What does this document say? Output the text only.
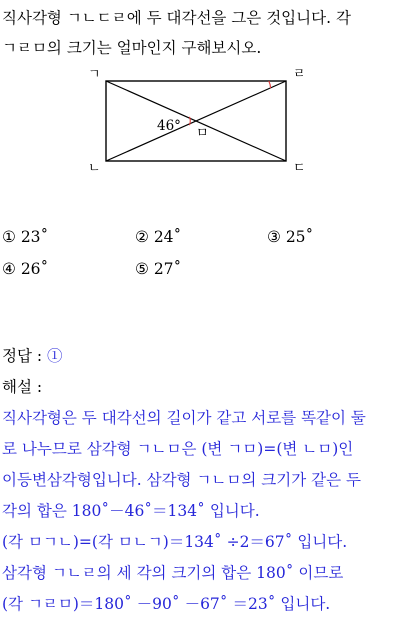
직사각형 ㄱㄴㄷㄹ에 두 대각선을 그은 것입니다. 각

ㄱㄹㅁ의 크기는 얼마인지 구해보시오.

ㄱ	ㄹ
ㄴ	ㄷ
ㅁ
46°
① 23˚	② 24˚	③ 25˚
④ 26˚	⑤ 27˚

정답 : ①

해설 :

직사각형은 두 대각선의 길이가 같고 서로를 똑같이 둘

로 나누므로 삼각형 ㄱㄴㅁ은 (변 ㄱㅁ)=(변 ㄴㅁ)인

이등변삼각형입니다. 삼각형 ㄱㄴㅁ의 크기가 같은 두

각의 합은 180˚－46˚＝134˚ 입니다.

(각 ㅁㄱㄴ)=(각 ㅁㄴㄱ)＝134˚ ÷2＝67˚ 입니다.

삼각형 ㄱㄴㄹ의 세 각의 크기의 합은 180˚ 이므로

(각 ㄱㄹㅁ)＝180˚ －90˚ －67˚ ＝23˚ 입니다.
